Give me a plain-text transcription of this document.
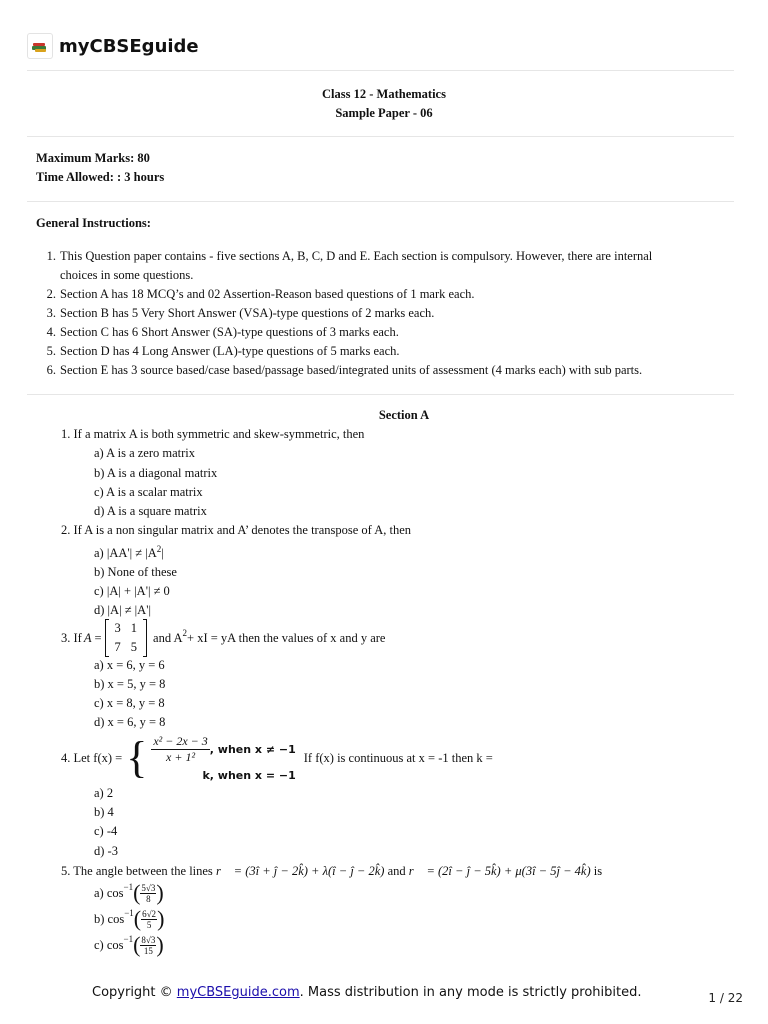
myCBSEguide
Class 12 - Mathematics
Sample Paper - 06
Maximum Marks: 80
Time Allowed: : 3 hours
General Instructions:
1. This Question paper contains - five sections A, B, C, D and E. Each section is compulsory. However, there are internal
choices in some questions.
2. Section A has 18 MCQ’s and 02 Assertion-Reason based questions of 1 mark each.
3. Section B has 5 Very Short Answer (VSA)-type questions of 2 marks each.
4. Section C has 6 Short Answer (SA)-type questions of 3 marks each.
5. Section D has 4 Long Answer (LA)-type questions of 5 marks each.
6. Section E has 3 source based/case based/passage based/integrated units of assessment (4 marks each) with sub parts.
Section A
1. If a matrix A is both symmetric and skew-symmetric, then
a) A is a zero matrix
b) A is a diagonal matrix
c) A is a scalar matrix
d) A is a square matrix
2. If A is a non singular matrix and A’ denotes the transpose of A, then
a) $|AA'| \ne |A^2|$
b) None of these
c) |A| + |A'| ≠ 0
d) |A| ≠ |A'|
3. If A =
3	1
7	5
and $A^2$ + xI = yA then the values of x and y are
a) x = 6, y = 6
b) x = 5, y = 8
c) x = 8, y = 8
d) x = 6, y = 8
4. Let f(x) = { x² − 2x − 3
x + 1²
, when x ≠ −1
k, when x = −1
If f(x) is continuous at x = -1 then k =
a) 2
b) 4
c) -4
d) -3
5. The angle between the lines r⃗ = (3î + ĵ − 2k̂) + λ(î − ĵ − 2k̂) and r⃗ = (2î − ĵ − 5k̂) + μ(3î − 5ĵ − 4k̂) is
a) $\cos^{-1}$ ( $\frac{5√3}{8}$ )
b) $\cos^{-1}$ ( $\frac{6√2}{5}$ )
c) $\cos^{-1}$ ( $\frac{8√3}{15}$ )
Copyright © myCBSEguide.com. Mass distribution in any mode is strictly prohibited.	1 / 22
